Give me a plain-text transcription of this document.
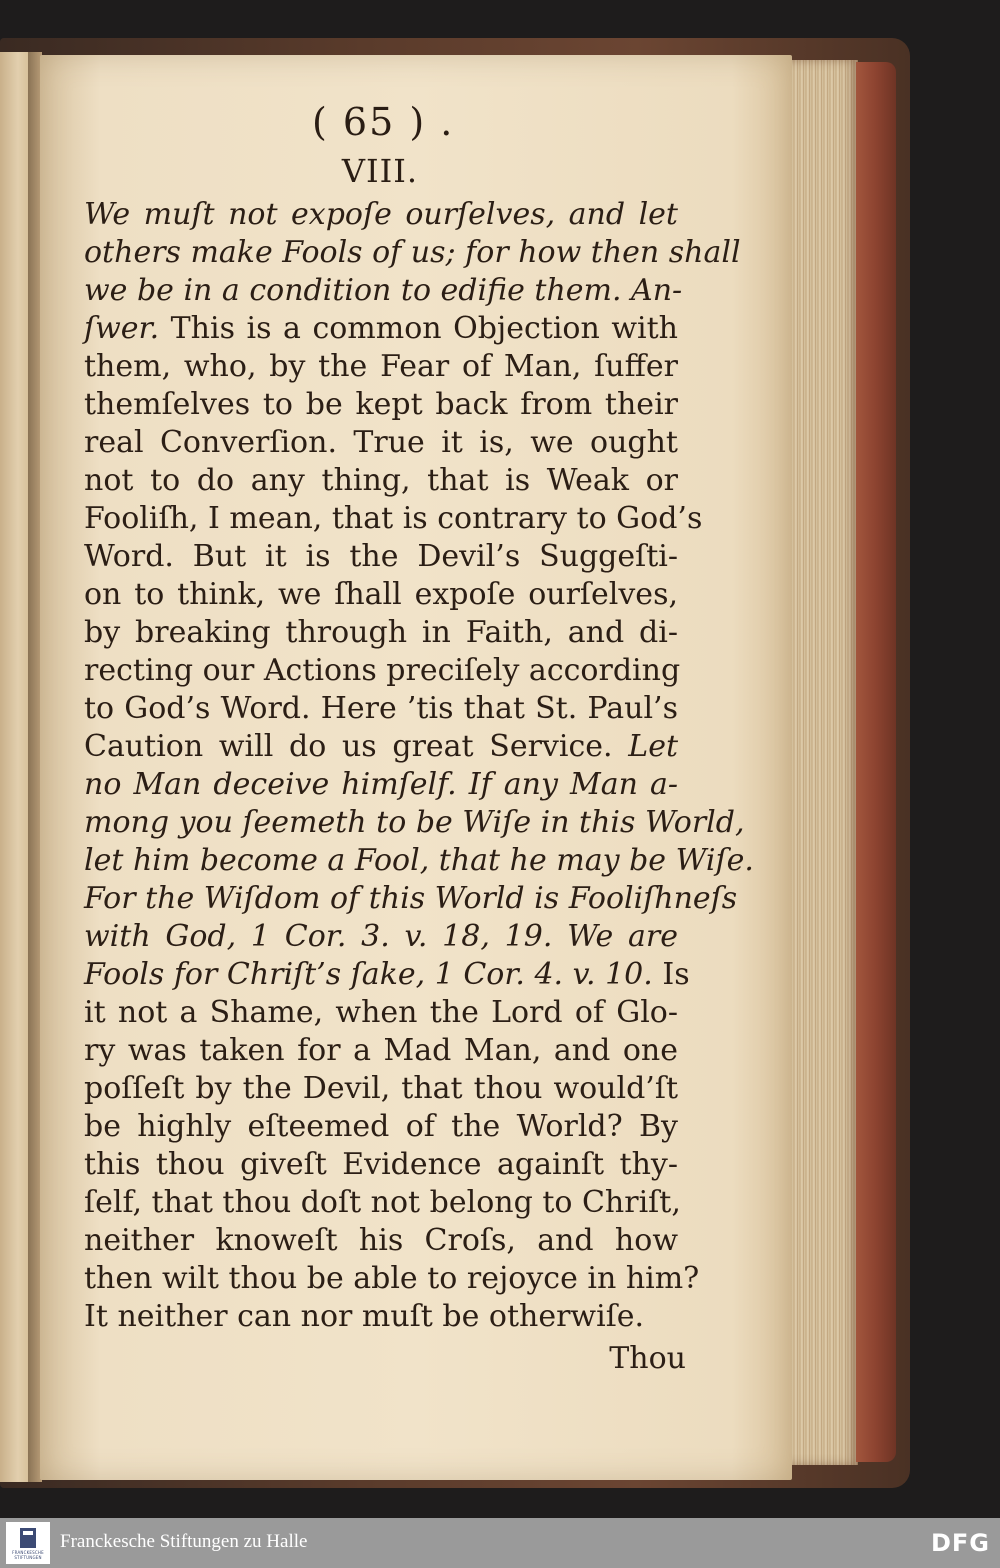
( 65 ) .
VIII.
We muſt not expoſe ourſelves, and let
others make Fools of us; for how then shall
we be in a condition to edifie them. An-
ſwer. This is a common Objection with
them, who, by the Fear of Man, ſuffer
themſelves to be kept back from their
real Converſion. True it is, we ought
not to do any thing, that is Weak or
Fooliſh, I mean, that is contrary to God’s
Word. But it is the Devil’s Suggeſti-
on to think, we ſhall expoſe ourſelves,
by breaking through in Faith, and di-
recting our Actions preciſely according
to God’s Word. Here ’tis that St. Paul’s
Caution will do us great Service. Let
no Man deceive himſelf. If any Man a-
mong you ſeemeth to be Wiſe in this World,
let him become a Fool, that he may be Wiſe.
For the Wiſdom of this World is Fooliſhneſs
with God, 1 Cor. 3. v. 18, 19. We are
Fools for Chriſt’s ſake, 1 Cor. 4. v. 10. Is
it not a Shame, when the Lord of Glo-
ry was taken for a Mad Man, and one
poſſeſt by the Devil, that thou would’ſt
be highly eſteemed of the World? By
this thou giveſt Evidence againſt thy-
ſelf, that thou doſt not belong to Chriſt,
neither knoweſt his Croſs, and how
then wilt thou be able to rejoyce in him?
It neither can nor muſt be otherwiſe.
Thou
FRANCKESCHE STIFTUNGEN
Franckesche Stiftungen zu Halle	DFG
